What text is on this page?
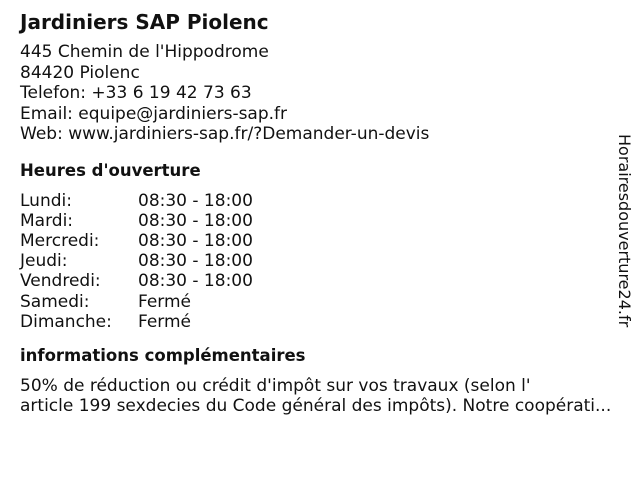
Jardiniers SAP Piolenc
445 Chemin de l'Hippodrome
84420 Piolenc
Telefon: +33 6 19 42 73 63
Email: equipe@jardiniers-sap.fr
Web: www.jardiniers-sap.fr/?Demander-un-devis
Heures d'ouverture
Lundi:	08:30 - 18:00
Mardi:	08:30 - 18:00
Mercredi:	08:30 - 18:00
Jeudi:	08:30 - 18:00
Vendredi:	08:30 - 18:00
Samedi:	Fermé
Dimanche:	Fermé
informations complémentaires
50% de réduction ou crédit d'impôt sur vos travaux (selon l'
article 199 sexdecies du Code général des impôts). Notre coopérati...
Horairesdouverture24.fr
